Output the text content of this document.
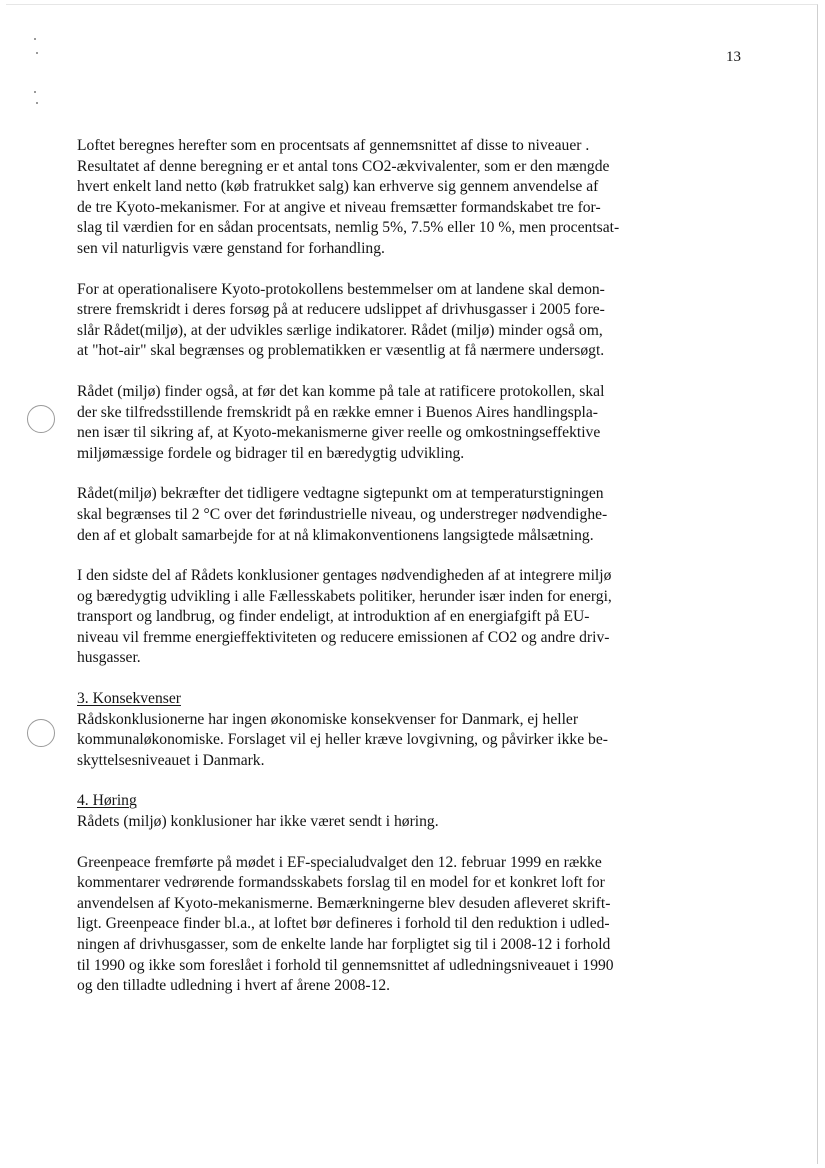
13

Loftet beregnes herefter som en procentsats af gennemsnittet af disse to niveauer .
Resultatet af denne beregning er et antal tons CO2-ækvivalenter, som er den mængde
hvert enkelt land netto (køb fratrukket salg) kan erhverve sig gennem anvendelse af
de tre Kyoto-mekanismer. For at angive et niveau fremsætter formandskabet tre for-
slag til værdien for en sådan procentsats, nemlig 5%, 7.5% eller 10 %, men procentsat-
sen vil naturligvis være genstand for forhandling.

For at operationalisere Kyoto-protokollens bestemmelser om at landene skal demon-
strere fremskridt i deres forsøg på at reducere udslippet af drivhusgasser i 2005 fore-
slår Rådet(miljø), at der udvikles særlige indikatorer. Rådet (miljø) minder også om,
at "hot-air" skal begrænses og problematikken er væsentlig at få nærmere undersøgt.

Rådet (miljø) finder også, at før det kan komme på tale at ratificere protokollen, skal
der ske tilfredsstillende fremskridt på en række emner i Buenos Aires handlingspla-
nen især til sikring af, at Kyoto-mekanismerne giver reelle og omkostningseffektive
miljømæssige fordele og bidrager til en bæredygtig udvikling.

Rådet(miljø) bekræfter det tidligere vedtagne sigtepunkt om at temperaturstigningen
skal begrænses til 2 °C over det førindustrielle niveau, og understreger nødvendighe-
den af et globalt samarbejde for at nå klimakonventionens langsigtede målsætning.

I den sidste del af Rådets konklusioner gentages nødvendigheden af at integrere miljø
og bæredygtig udvikling i alle Fællesskabets politiker, herunder især inden for energi,
transport og landbrug, og finder endeligt, at introduktion af en energiafgift på EU-
niveau vil fremme energieffektiviteten og reducere emissionen af CO2 og andre driv-
husgasser.

3. Konsekvenser
Rådskonklusionerne har ingen økonomiske konsekvenser for Danmark, ej heller
kommunaløkonomiske. Forslaget vil ej heller kræve lovgivning, og påvirker ikke be-
skyttelsesniveauet i Danmark.

4. Høring
Rådets (miljø) konklusioner har ikke været sendt i høring.

Greenpeace fremførte på mødet i EF-specialudvalget den 12. februar 1999 en række
kommentarer vedrørende formandsskabets forslag til en model for et konkret loft for
anvendelsen af Kyoto-mekanismerne. Bemærkningerne blev desuden afleveret skrift-
ligt. Greenpeace finder bl.a., at loftet bør defineres i forhold til den reduktion i udled-
ningen af drivhusgasser, som de enkelte lande har forpligtet sig til i 2008-12 i forhold
til 1990 og ikke som foreslået i forhold til gennemsnittet af udledningsniveauet i 1990
og den tilladte udledning i hvert af årene 2008-12.
